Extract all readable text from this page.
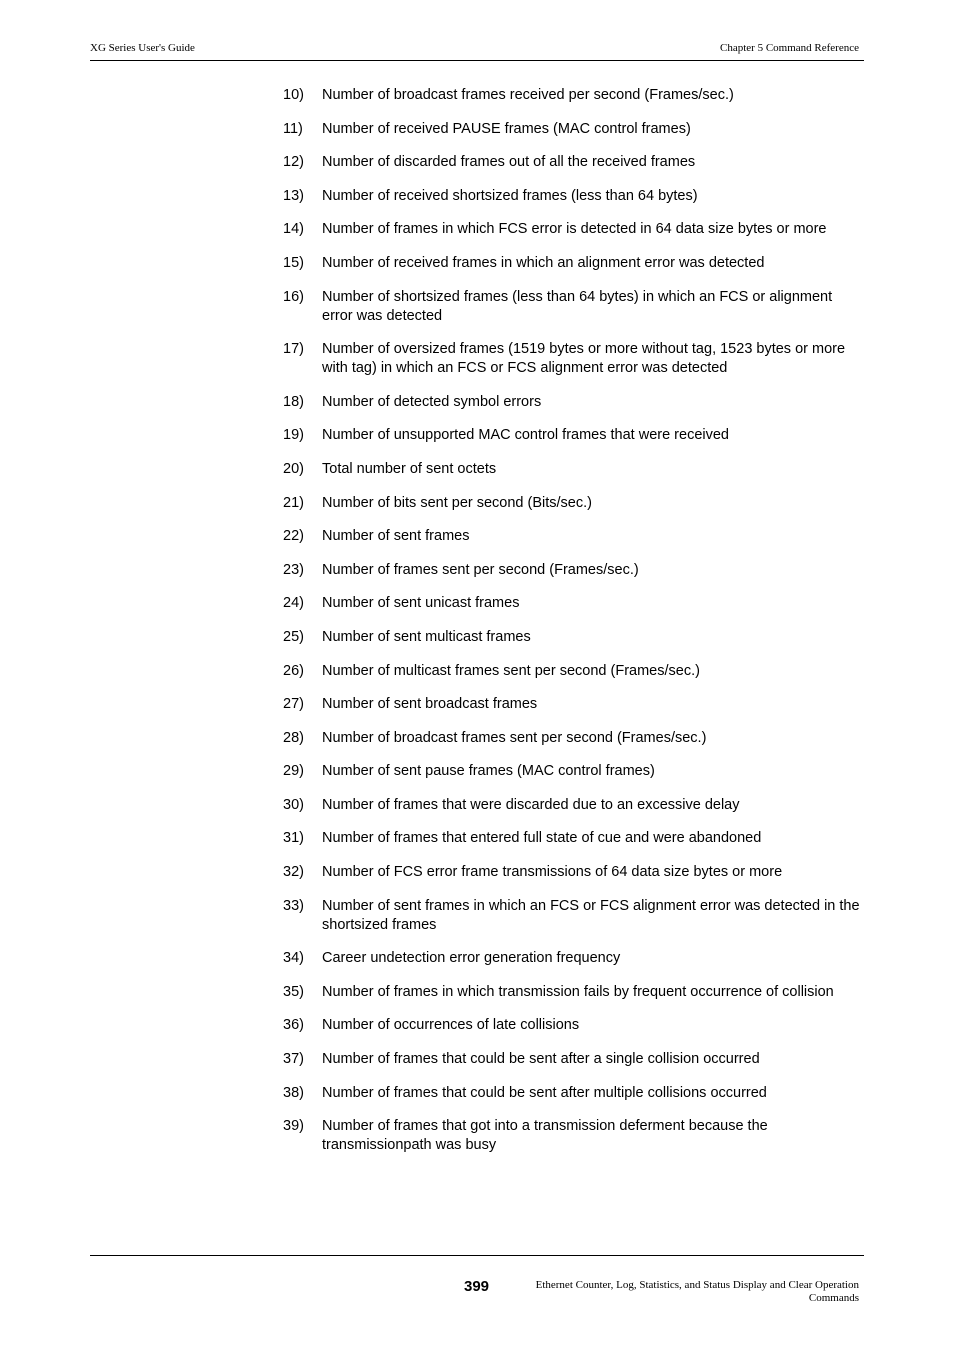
XG Series User's Guide	Chapter 5 Command Reference
10)	Number of broadcast frames received per second (Frames/sec.)
11)	Number of received PAUSE frames (MAC control frames)
12)	Number of discarded frames out of all the received frames
13)	Number of received shortsized frames (less than 64 bytes)
14)	Number of frames in which FCS error is detected in 64 data size bytes or more
15)	Number of received frames in which an alignment error was detected
16)	Number of shortsized frames (less than 64 bytes) in which an FCS or alignment error was detected
17)	Number of oversized frames (1519 bytes or more without tag, 1523 bytes or more with tag) in which an FCS or FCS alignment error was detected
18)	Number of detected symbol errors
19)	Number of unsupported MAC control frames that were received
20)	Total number of sent octets
21)	Number of bits sent per second (Bits/sec.)
22)	Number of sent frames
23)	Number of frames sent per second (Frames/sec.)
24)	Number of sent unicast frames
25)	Number of sent multicast frames
26)	Number of multicast frames sent per second (Frames/sec.)
27)	Number of sent broadcast frames
28)	Number of broadcast frames sent per second (Frames/sec.)
29)	Number of sent pause frames (MAC control frames)
30)	Number of frames that were discarded due to an excessive delay
31)	Number of frames that entered full state of cue and were abandoned
32)	Number of FCS error frame transmissions of 64 data size bytes or more
33)	Number of sent frames in which an FCS or FCS alignment error was detected in the shortsized frames
34)	Career undetection error generation frequency
35)	Number of frames in which transmission fails by frequent occurrence of collision
36)	Number of occurrences of late collisions
37)	Number of frames that could be sent after a single collision occurred
38)	Number of frames that could be sent after multiple collisions occurred
39)	Number of frames that got into a transmission deferment because the transmissionpath was busy
399	Ethernet Counter, Log, Statistics, and Status Display and Clear Operation
Commands
